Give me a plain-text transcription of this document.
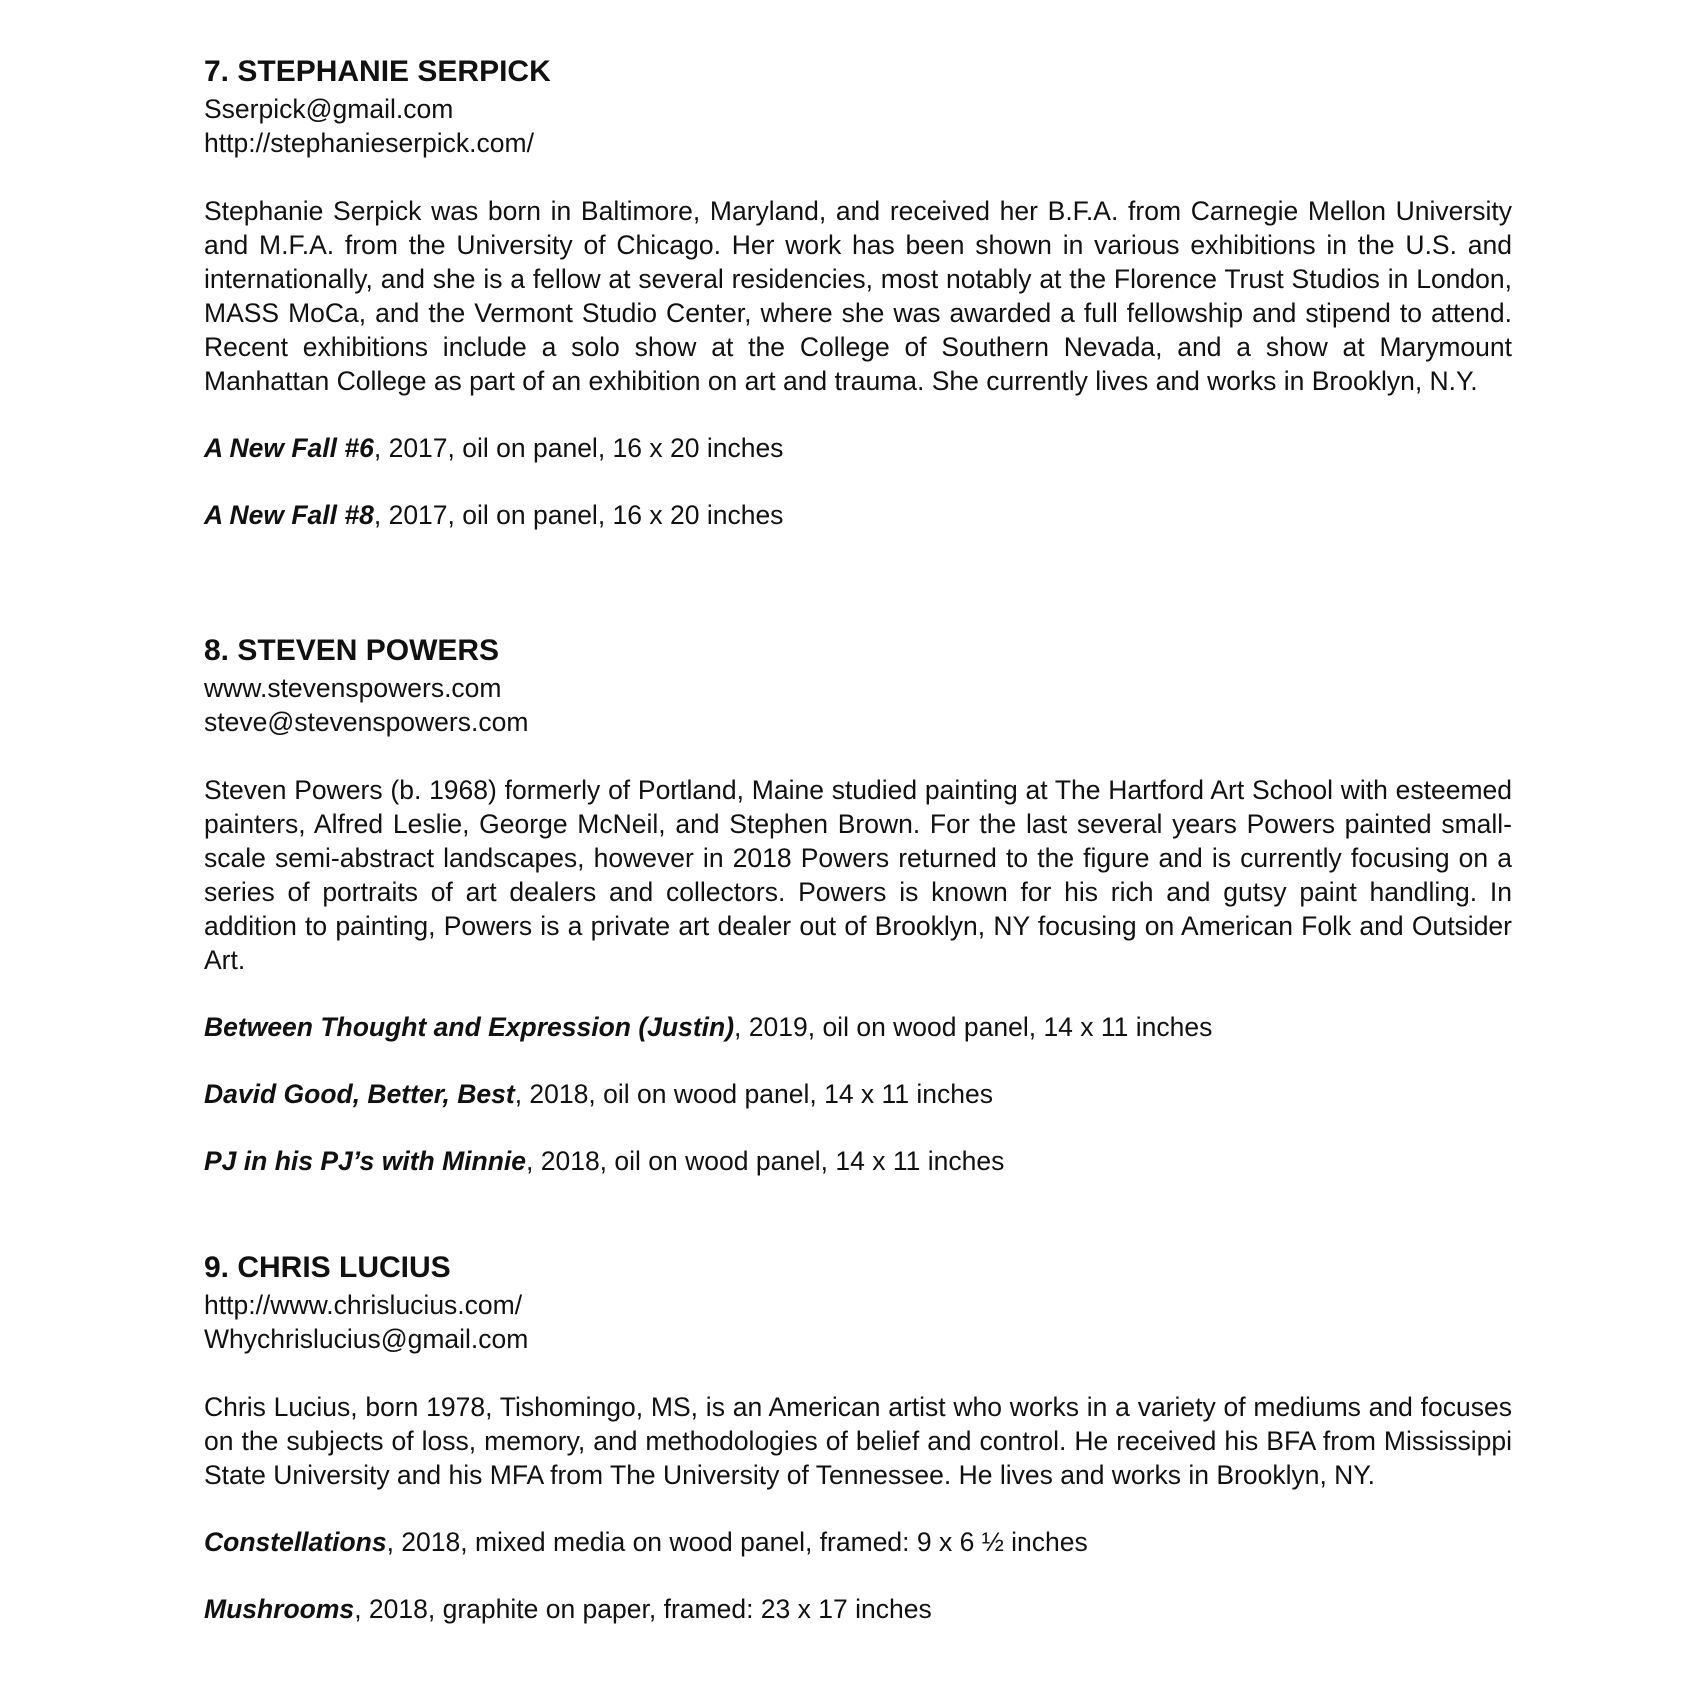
7. STEPHANIE SERPICK

Sserpick@gmail.com

http://stephanieserpick.com/

Stephanie Serpick was born in Baltimore, Maryland, and received her B.F.A. from Carnegie Mellon University and M.F.A. from the University of Chicago. Her work has been shown in various exhibitions in the U.S. and internationally, and she is a fellow at several residencies, most notably at the Florence Trust Studios in London, MASS MoCa, and the Vermont Studio Center, where she was awarded a full fellowship and stipend to attend. Recent exhibitions include a solo show at the College of Southern Nevada, and a show at Marymount Manhattan College as part of an exhibition on art and trauma. She currently lives and works in Brooklyn, N.Y.

A New Fall #6, 2017, oil on panel, 16 x 20 inches

A New Fall #8, 2017, oil on panel, 16 x 20 inches

8. STEVEN POWERS

www.stevenspowers.com

steve@stevenspowers.com

Steven Powers (b. 1968) formerly of Portland, Maine studied painting at The Hartford Art School with esteemed painters, Alfred Leslie, George McNeil, and Stephen Brown. For the last several years Powers painted small-scale semi-abstract landscapes, however in 2018 Powers returned to the figure and is currently focusing on a series of portraits of art dealers and collectors. Powers is known for his rich and gutsy paint handling. In addition to painting, Powers is a private art dealer out of Brooklyn, NY focusing on American Folk and Outsider Art.

Between Thought and Expression (Justin), 2019, oil on wood panel, 14 x 11 inches

David Good, Better, Best, 2018, oil on wood panel, 14 x 11 inches

PJ in his PJ’s with Minnie, 2018, oil on wood panel, 14 x 11 inches

9. CHRIS LUCIUS

http://www.chrislucius.com/

Whychrislucius@gmail.com

Chris Lucius, born 1978, Tishomingo, MS, is an American artist who works in a variety of mediums and focuses on the subjects of loss, memory, and methodologies of belief and control. He received his BFA from Mississippi State University and his MFA from The University of Tennessee. He lives and works in Brooklyn, NY.

Constellations, 2018, mixed media on wood panel, framed: 9 x 6 ½ inches

Mushrooms, 2018, graphite on paper, framed: 23 x 17 inches
